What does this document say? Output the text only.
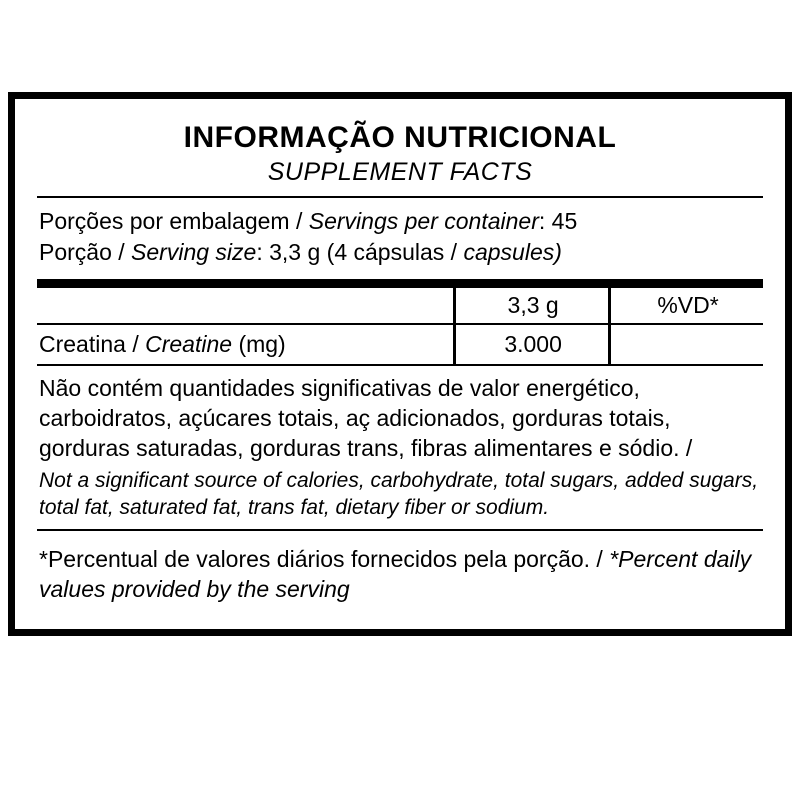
INFORMAÇÃO NUTRICIONAL
SUPPLEMENT FACTS
Porções por embalagem / Servings per container: 45
Porção / Serving size: 3,3 g (4 cápsulas / capsules)
	3,3 g	%VD*
Creatina / Creatine (mg)	3.000	
Não contém quantidades significativas de valor energético, carboidratos, açúcares totais, aç adicionados, gorduras totais, gorduras saturadas, gorduras trans, fibras alimentares e sódio. /
Not a significant source of calories, carbohydrate, total sugars, added sugars, total fat, saturated fat, trans fat, dietary fiber or sodium.
*Percentual de valores diários fornecidos pela porção. / *Percent daily values provided by the serving
